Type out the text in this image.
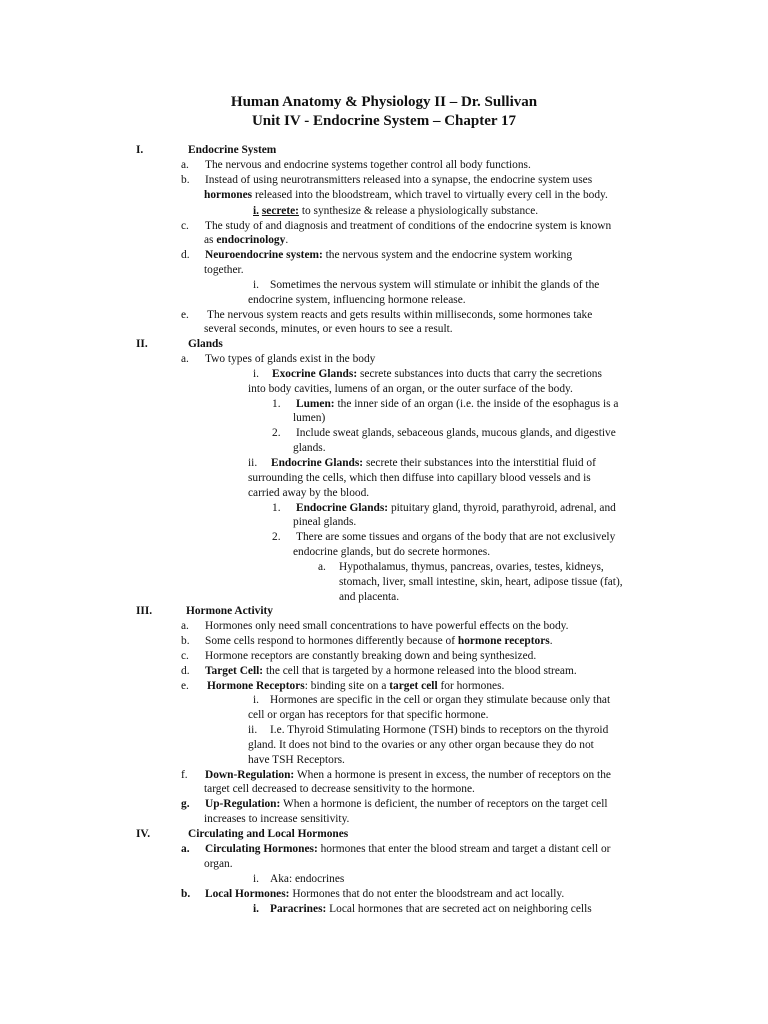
Human Anatomy & Physiology II – Dr. Sullivan
Unit IV - Endocrine System – Chapter 17
I.	Endocrine System
a. The nervous and endocrine systems together control all body functions.
b. Instead of using neurotransmitters released into a synapse, the endocrine system uses
hormones released into the bloodstream, which travel to virtually every cell in the body.
i. secrete: to synthesize & release a physiologically substance.
c. The study of and diagnosis and treatment of conditions of the endocrine system is known
as endocrinology.
d. Neuroendocrine system: the nervous system and the endocrine system working
together.
i. Sometimes the nervous system will stimulate or inhibit the glands of the
endocrine system, influencing hormone release.
e. The nervous system reacts and gets results within milliseconds, some hormones take
several seconds, minutes, or even hours to see a result.
II.	Glands
a. Two types of glands exist in the body
i. Exocrine Glands: secrete substances into ducts that carry the secretions
into body cavities, lumens of an organ, or the outer surface of the body.
1. Lumen: the inner side of an organ (i.e. the inside of the esophagus is a
lumen)
2. Include sweat glands, sebaceous glands, mucous glands, and digestive
glands.
ii. Endocrine Glands: secrete their substances into the interstitial fluid of
surrounding the cells, which then diffuse into capillary blood vessels and is
carried away by the blood.
1. Endocrine Glands: pituitary gland, thyroid, parathyroid, adrenal, and
pineal glands.
2. There are some tissues and organs of the body that are not exclusively
endocrine glands, but do secrete hormones.
a. Hypothalamus, thymus, pancreas, ovaries, testes, kidneys,
stomach, liver, small intestine, skin, heart, adipose tissue (fat),
and placenta.
III.	Hormone Activity
a. Hormones only need small concentrations to have powerful effects on the body.
b. Some cells respond to hormones differently because of hormone receptors.
c. Hormone receptors are constantly breaking down and being synthesized.
d. Target Cell: the cell that is targeted by a hormone released into the blood stream.
e. Hormone Receptors: binding site on a target cell for hormones.
i. Hormones are specific in the cell or organ they stimulate because only that
cell or organ has receptors for that specific hormone.
ii. I.e. Thyroid Stimulating Hormone (TSH) binds to receptors on the thyroid
gland. It does not bind to the ovaries or any other organ because they do not
have TSH Receptors.
f. Down-Regulation: When a hormone is present in excess, the number of receptors on the
target cell decreased to decrease sensitivity to the hormone.
g. Up-Regulation: When a hormone is deficient, the number of receptors on the target cell
increases to increase sensitivity.
IV.	Circulating and Local Hormones
a. Circulating Hormones: hormones that enter the blood stream and target a distant cell or
organ.
i. Aka: endocrines
b. Local Hormones: Hormones that do not enter the bloodstream and act locally.
i. Paracrines: Local hormones that are secreted act on neighboring cells
